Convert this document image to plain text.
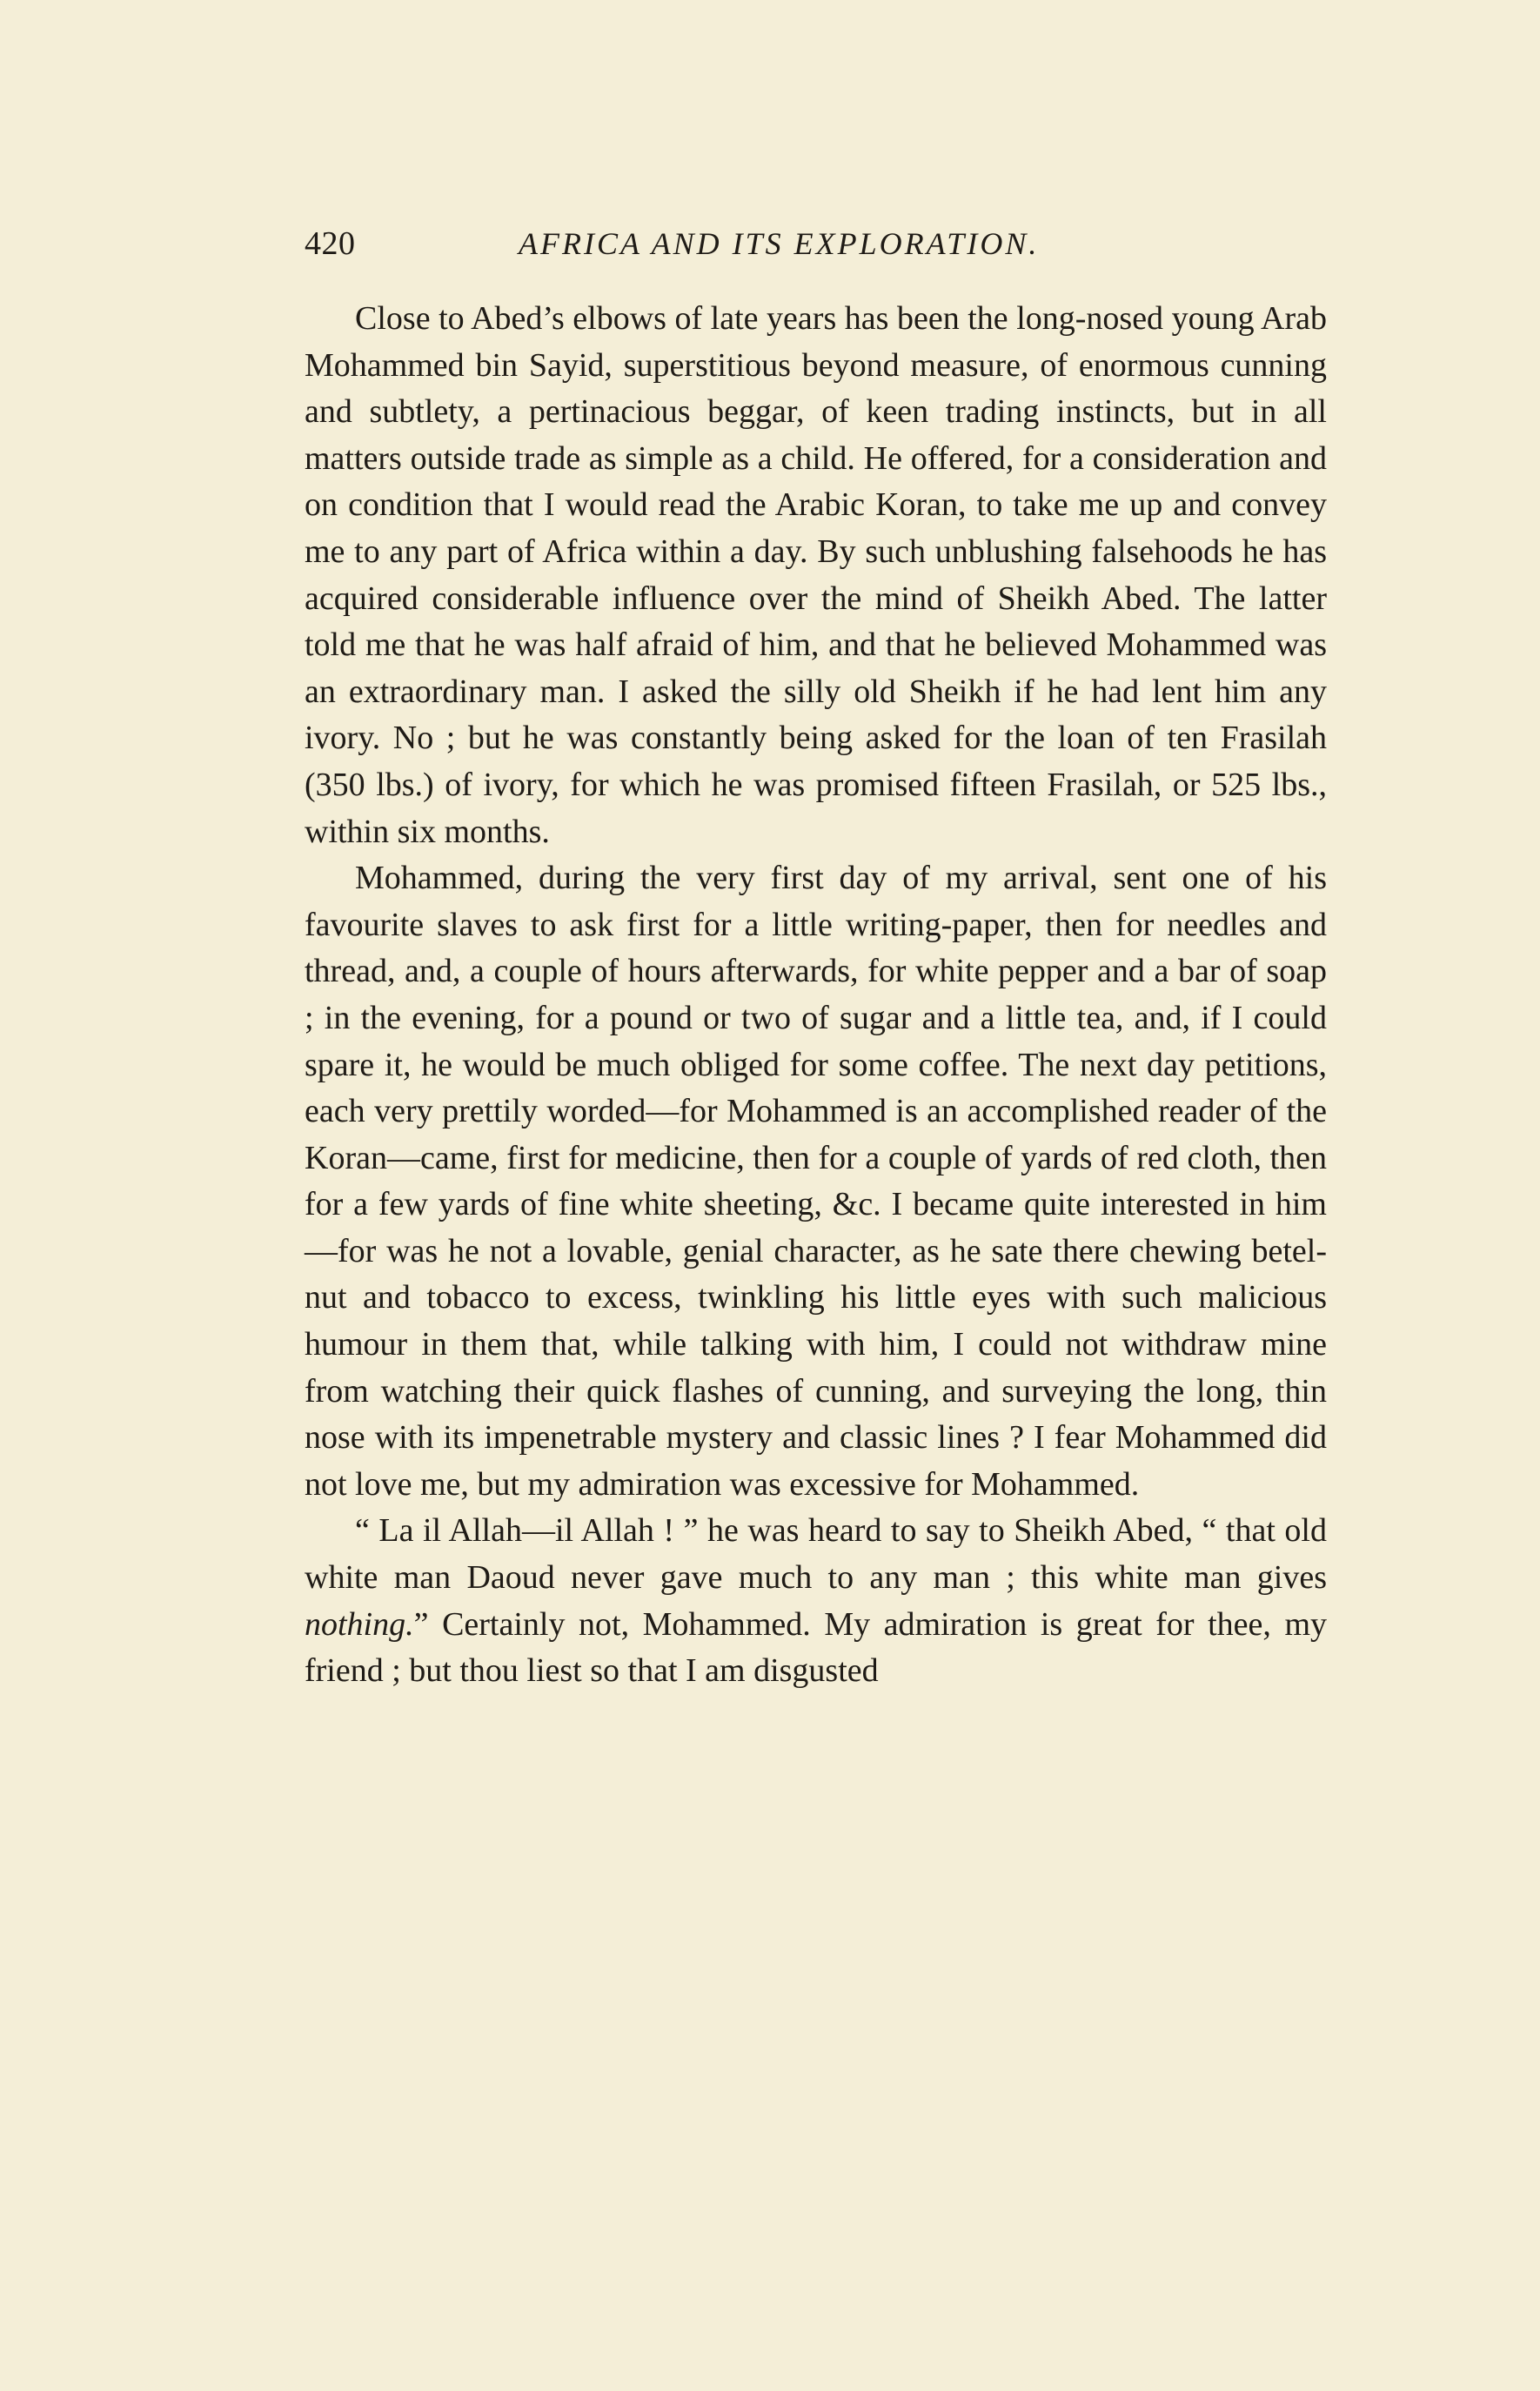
420	AFRICA AND ITS EXPLORATION.

Close to Abed’s elbows of late years has been the long-nosed young Arab Mohammed bin Sayid, superstitious beyond measure, of enormous cunning and subtlety, a pertinacious beggar, of keen trading instincts, but in all matters outside trade as simple as a child. He offered, for a consideration and on condition that I would read the Arabic Koran, to take me up and convey me to any part of Africa within a day. By such unblushing falsehoods he has acquired considerable influence over the mind of Sheikh Abed. The latter told me that he was half afraid of him, and that he believed Mohammed was an extraordinary man. I asked the silly old Sheikh if he had lent him any ivory. No ; but he was constantly being asked for the loan of ten Frasilah (350 lbs.) of ivory, for which he was promised fifteen Frasilah, or 525 lbs., within six months.

Mohammed, during the very first day of my arrival, sent one of his favourite slaves to ask first for a little writing-paper, then for needles and thread, and, a couple of hours afterwards, for white pepper and a bar of soap ; in the evening, for a pound or two of sugar and a little tea, and, if I could spare it, he would be much obliged for some coffee. The next day petitions, each very prettily worded—for Mohammed is an accomplished reader of the Koran—came, first for medicine, then for a couple of yards of red cloth, then for a few yards of fine white sheeting, &c. I became quite interested in him—for was he not a lovable, genial character, as he sate there chewing betel-nut and tobacco to excess, twinkling his little eyes with such malicious humour in them that, while talking with him, I could not withdraw mine from watching their quick flashes of cunning, and surveying the long, thin nose with its impenetrable mystery and classic lines ? I fear Mohammed did not love me, but my admiration was excessive for Mohammed.

“ La il Allah—il Allah ! ” he was heard to say to Sheikh Abed, “ that old white man Daoud never gave much to any man ; this white man gives nothing.” Certainly not, Mohammed. My admiration is great for thee, my friend ; but thou liest so that I am disgusted
